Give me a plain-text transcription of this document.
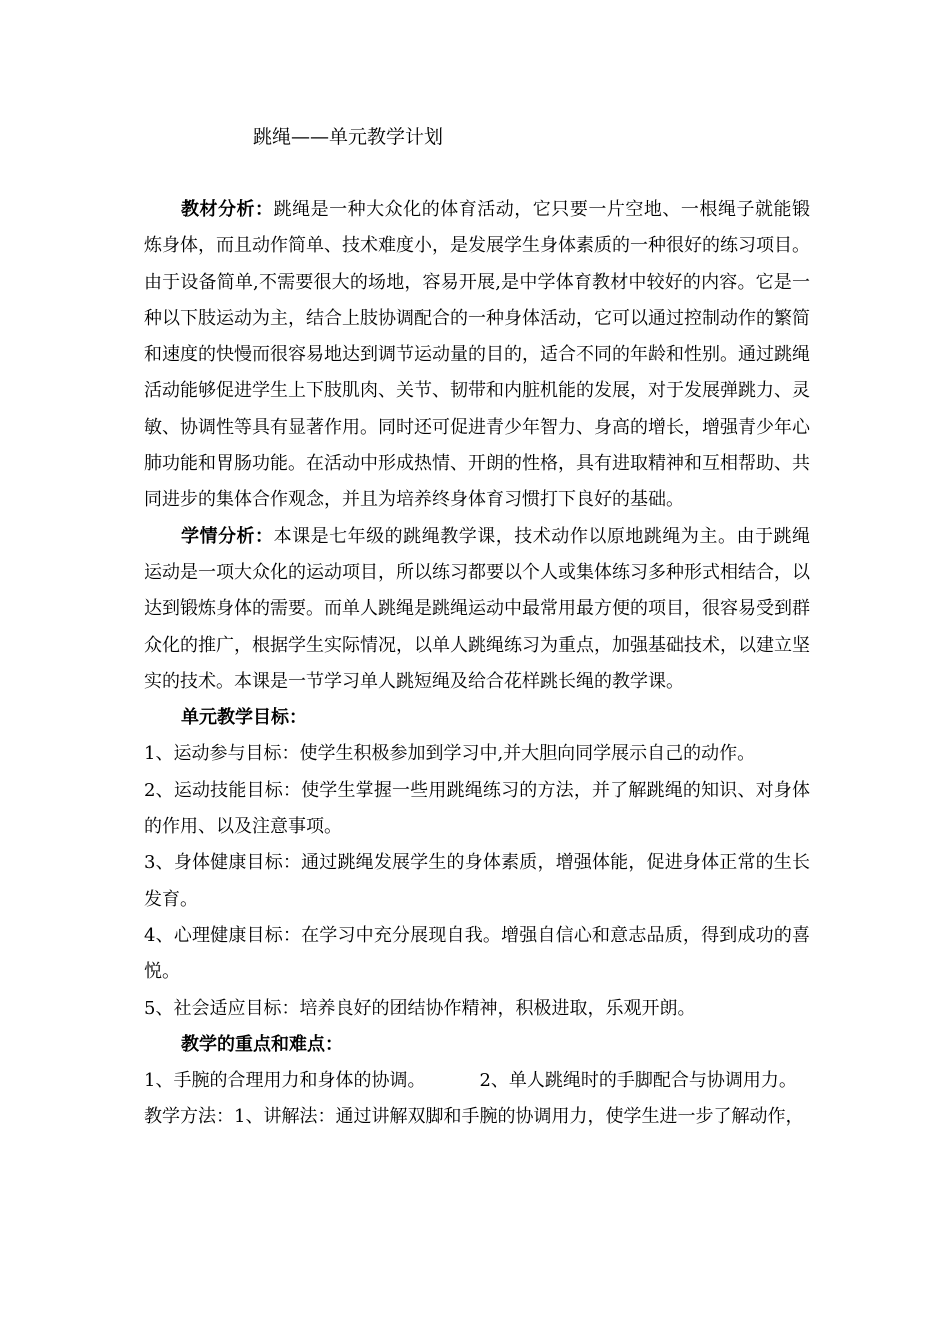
跳绳——单元教学计划

教材分析：跳绳是一种大众化的体育活动，它只要一片空地、一根绳子就能锻炼身体，而且动作简单、技术难度小，是发展学生身体素质的一种很好的练习项目。由于设备简单,不需要很大的场地，容易开展,是中学体育教材中较好的内容。它是一种以下肢运动为主，结合上肢协调配合的一种身体活动，它可以通过控制动作的繁简和速度的快慢而很容易地达到调节运动量的目的，适合不同的年龄和性别。通过跳绳活动能够促进学生上下肢肌肉、关节、韧带和内脏机能的发展，对于发展弹跳力、灵敏、协调性等具有显著作用。同时还可促进青少年智力、身高的增长，增强青少年心肺功能和胃肠功能。在活动中形成热情、开朗的性格，具有进取精神和互相帮助、共同进步的集体合作观念，并且为培养终身体育习惯打下良好的基础。

学情分析：本课是七年级的跳绳教学课，技术动作以原地跳绳为主。由于跳绳运动是一项大众化的运动项目，所以练习都要以个人或集体练习多种形式相结合，以达到锻炼身体的需要。而单人跳绳是跳绳运动中最常用最方便的项目，很容易受到群众化的推广，根据学生实际情况，以单人跳绳练习为重点，加强基础技术，以建立坚实的技术。本课是一节学习单人跳短绳及给合花样跳长绳的教学课。

单元教学目标：

1、运动参与目标：使学生积极参加到学习中,并大胆向同学展示自己的动作。

2、运动技能目标：使学生掌握一些用跳绳练习的方法，并了解跳绳的知识、对身体的作用、以及注意事项。

3、身体健康目标：通过跳绳发展学生的身体素质，增强体能，促进身体正常的生长发育。

4、心理健康目标：在学习中充分展现自我。增强自信心和意志品质，得到成功的喜悦。

5、社会适应目标：培养良好的团结协作精神，积极进取，乐观开朗。

教学的重点和难点：

1、手腕的合理用力和身体的协调。	2、单人跳绳时的手脚配合与协调用力。

教学方法：1、讲解法：通过讲解双脚和手腕的协调用力，使学生进一步了解动作，
